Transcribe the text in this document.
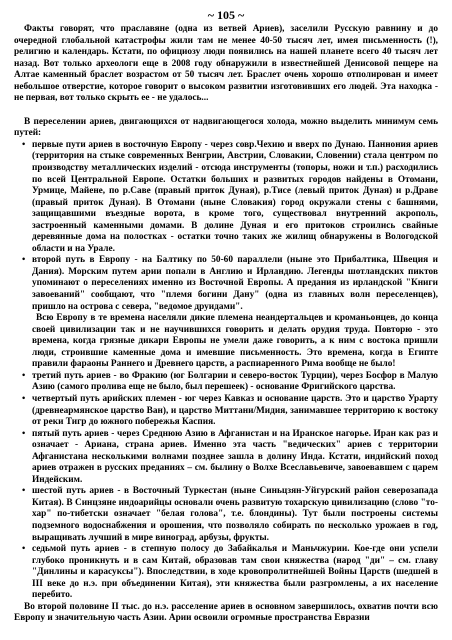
~ 105 ~

Факты говорят, что праславяне (одна из ветвей Ариев), заселили Русскую равнину и до очередной глобальной катастрофы жили там не менее 40-50 тысяч лет, имея письменность (!), религию и календарь. Кстати, по официозу люди появились на нашей планете всего 40 тысяч лет назад. Вот только археологи еще в 2008 году обнаружили в известнейшей Денисовой пещере на Алтае каменный браслет возрастом от 50 тысяч лет. Браслет очень хорошо отполирован и имеет небольшое отверстие, которое говорит о высоком развитии изготовивших его людей. Эта находка - не первая, вот только скрыть ее - не удалось...

В переселении ариев, двигающихся от надвигающегося холода, можно выделить минимум семь путей:

• первые пути ариев в восточную Европу - через совр.Чехию и вверх по Дунаю. Паннония ариев (территория на стыке современных Венгрии, Австрии, Словакии, Словении) стала центром по производству металлических изделий - отсюда инструменты (топоры, ножи и т.п.) расходились по всей Центральной Европе. Остатки больших и развитых городов найдены в Отомани, Урмице, Майене, по р.Саве (правый приток Дуная), р.Тисе (левый приток Дуная) и р.Драве (правый приток Дуная). В Отомани (ныне Словакия) город окружали стены с башнями, защищавшими въездные ворота, в кроме того, существовал внутренний акрополь, застроенный каменными домами. В долине Дуная и его притоков строились свайные деревянные дома на полостках - остатки точно таких же жилищ обнаружены в Вологодской области и на Урале.
• второй путь в Европу - на Балтику по 50-60 параллели (ныне это Прибалтика, Швеция и Дания). Морским путем арии попали в Англию и Ирландию. Легенды шотландских пиктов упоминают о переселениях именно из Восточной Европы. А предания из ирландской "Книги завоеваний" сообщают, что "племя богини Дану" (одна из главных волн переселенцев), пришло на острова с севера, "ведомое друидами".
Всю Европу в те времена населяли дикие племена неандертальцев и кроманьонцев, до конца своей цивилизации так и не научившихся говорить и делать орудия труда. Повторю - это времена, когда грязные дикари Европы не умели даже говорить, а к ним с востока пришли люди, строившие каменные дома и имевшие письменность. Это времена, когда в Египте правили фараоны Раннего и Древнего царств, а распиаренного Рима вообще не было!
• третий путь ариев - во Фракию (юг Болгарии и северо-восток Турции), через Босфор в Малую Азию (самого пролива еще не было, был перешеек) - основание Фригийского царства.
• четвертый путь арийских племен - юг через Кавказ и основание царств. Это и царство Урарту (древнеармянское царство Ван), и царство Миттани/Мидия, занимавшее территорию к востоку от реки Тигр до южного побережья Каспия.
• пятый путь ариев - через Среднюю Азию в Афганистан и на Иранское нагорье. Иран как раз и означает - Ариана, страна ариев. Именно эта часть "ведических" ариев с территории Афганистана несколькими волнами позднее зашла в долину Инда. Кстати, индийский поход ариев отражен в русских преданиях – см. былину о Волхе Всеславьевиче, завоевавшем с царем Индейским.
• шестой путь ариев - в Восточный Туркестан (ныне Синьцзян-Уйгурский район северозапада Китая). В Синцзяне индоарийцы основали очень развитую тохарскую цивилизацию (слово "то-хар" по-тибетски означает "белая голова", т.е. блондины). Тут были построены системы подземного водоснабжения и орошения, что позволяло собирать по несколько урожаев в год, выращивать лучший в мире виноград, арбузы, фрукты.
• седьмой путь ариев - в степную полосу до Забайкалья и Маньчжурии. Кое-где они успели глубоко проникнуть и в сам Китай, образовав там свои княжества (народ "ди" – см. главу "Динлины и карасуксы"). Впоследствии, в ходе кровопролитнейшей Войны Царств (шедшей в III веке до н.э. при объединении Китая), эти княжества были разгромлены, а их население перебито.

Во второй половине II тыс. до н.э. расселение ариев в основном завершилось, охватив почти всю Европу и значительную часть Азии. Арии освоили огромные пространства Евразии
